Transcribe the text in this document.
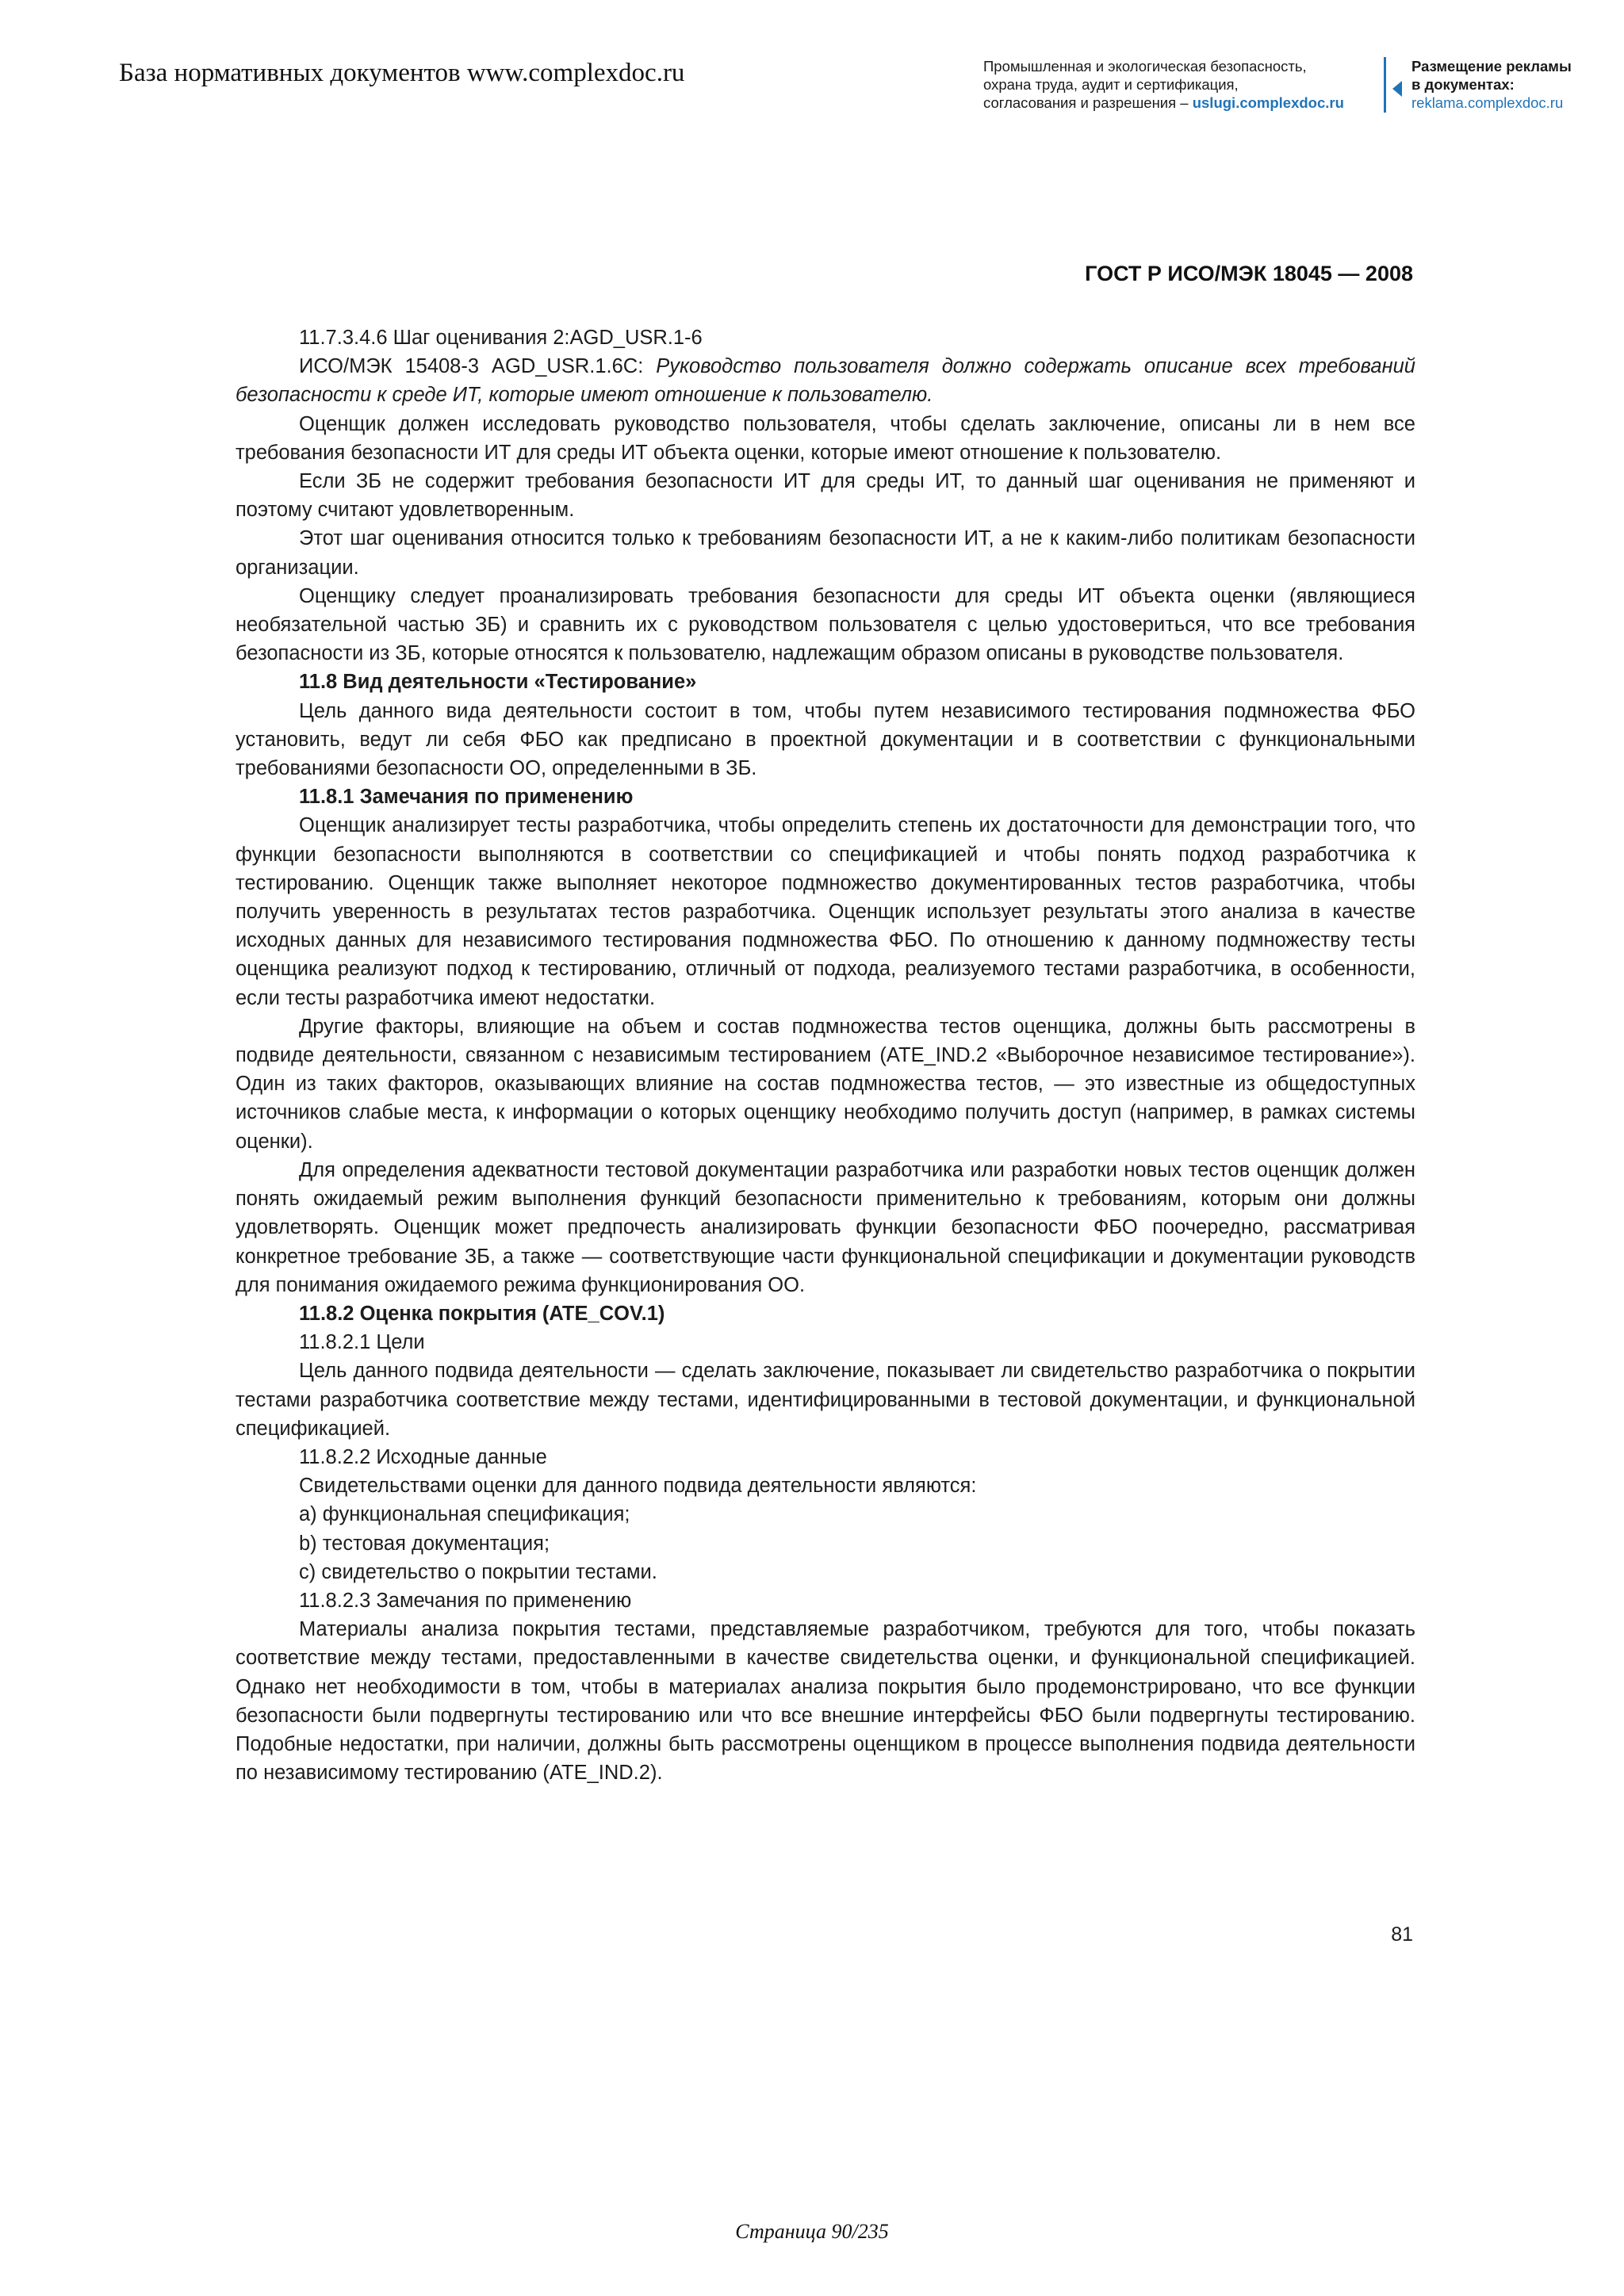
База нормативных документов www.complexdoc.ru	Промышленная и экологическая безопасность,
охрана труда, аудит и сертификация,
согласования и разрешения – uslugi.complexdoc.ru
Размещение рекламы
в документах:
reklama.complexdoc.ru
ГОСТ Р ИСО/МЭК 18045 — 2008

11.7.3.4.6 Шаг оценивания 2:AGD_USR.1-6

ИСО/МЭК 15408-3 AGD_USR.1.6C: Руководство пользователя должно содержать описание всех требований безопасности к среде ИТ, которые имеют отношение к пользователю.

Оценщик должен исследовать руководство пользователя, чтобы сделать заключение, описаны ли в нем все требования безопасности ИТ для среды ИТ объекта оценки, которые имеют отношение к пользователю.

Если ЗБ не содержит требования безопасности ИТ для среды ИТ, то данный шаг оценивания не применяют и поэтому считают удовлетворенным.

Этот шаг оценивания относится только к требованиям безопасности ИТ, а не к каким-либо политикам безопасности организации.

Оценщику следует проанализировать требования безопасности для среды ИТ объекта оценки (являющиеся необязательной частью ЗБ) и сравнить их с руководством пользователя с целью удостовериться, что все требования безопасности из ЗБ, которые относятся к пользователю, надлежащим образом описаны в руководстве пользователя.

11.8 Вид деятельности «Тестирование»

Цель данного вида деятельности состоит в том, чтобы путем независимого тестирования подмножества ФБО установить, ведут ли себя ФБО как предписано в проектной документации и в соответствии с функциональными требованиями безопасности ОО, определенными в ЗБ.

11.8.1 Замечания по применению

Оценщик анализирует тесты разработчика, чтобы определить степень их достаточности для демонстрации того, что функции безопасности выполняются в соответствии со спецификацией и чтобы понять подход разработчика к тестированию. Оценщик также выполняет некоторое подмножество документированных тестов разработчика, чтобы получить уверенность в результатах тестов разработчика. Оценщик использует результаты этого анализа в качестве исходных данных для независимого тестирования подмножества ФБО. По отношению к данному подмножеству тесты оценщика реализуют подход к тестированию, отличный от подхода, реализуемого тестами разработчика, в особенности, если тесты разработчика имеют недостатки.

Другие факторы, влияющие на объем и состав подмножества тестов оценщика, должны быть рассмотрены в подвиде деятельности, связанном с независимым тестированием (ATE_IND.2 «Выборочное независимое тестирование»). Один из таких факторов, оказывающих влияние на состав подмножества тестов, — это известные из общедоступных источников слабые места, к информации о которых оценщику необходимо получить доступ (например, в рамках системы оценки).

Для определения адекватности тестовой документации разработчика или разработки новых тестов оценщик должен понять ожидаемый режим выполнения функций безопасности применительно к требованиям, которым они должны удовлетворять. Оценщик может предпочесть анализировать функции безопасности ФБО поочередно, рассматривая конкретное требование ЗБ, а также — соответствующие части функциональной спецификации и документации руководств для понимания ожидаемого режима функционирования ОО.

11.8.2 Оценка покрытия (ATE_COV.1)

11.8.2.1 Цели

Цель данного подвида деятельности — сделать заключение, показывает ли свидетельство разработчика о покрытии тестами разработчика соответствие между тестами, идентифицированными в тестовой документации, и функциональной спецификацией.

11.8.2.2 Исходные данные

Свидетельствами оценки для данного подвида деятельности являются:

a) функциональная спецификация;

b) тестовая документация;

c) свидетельство о покрытии тестами.

11.8.2.3 Замечания по применению

Материалы анализа покрытия тестами, представляемые разработчиком, требуются для того, чтобы показать соответствие между тестами, предоставленными в качестве свидетельства оценки, и функциональной спецификацией. Однако нет необходимости в том, чтобы в материалах анализа покрытия было продемонстрировано, что все функции безопасности были подвергнуты тестированию или что все внешние интерфейсы ФБО были подвергнуты тестированию. Подобные недостатки, при наличии, должны быть рассмотрены оценщиком в процессе выполнения подвида деятельности по независимому тестированию (ATE_IND.2).

81
Страница 90/235
